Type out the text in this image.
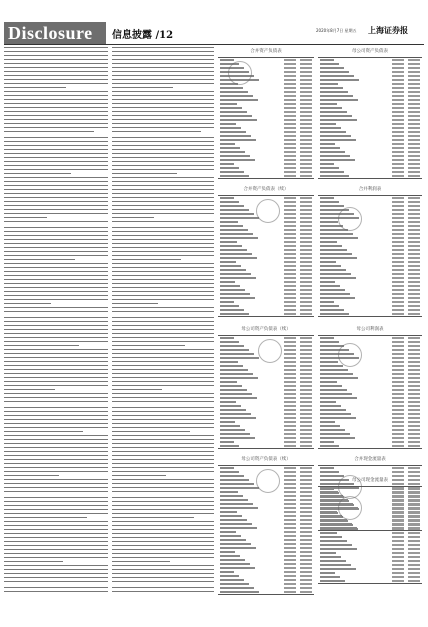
Disclosure	信息披露 /12	2020年8月7日 星期五 上海证券报
合并资产负债表
合并资产负债表（续）
母公司资产负债表（续）
母公司资产负债表（续）
母公司资产负债表
合并利润表
母公司利润表
合并现金流量表
母公司现金流量表
